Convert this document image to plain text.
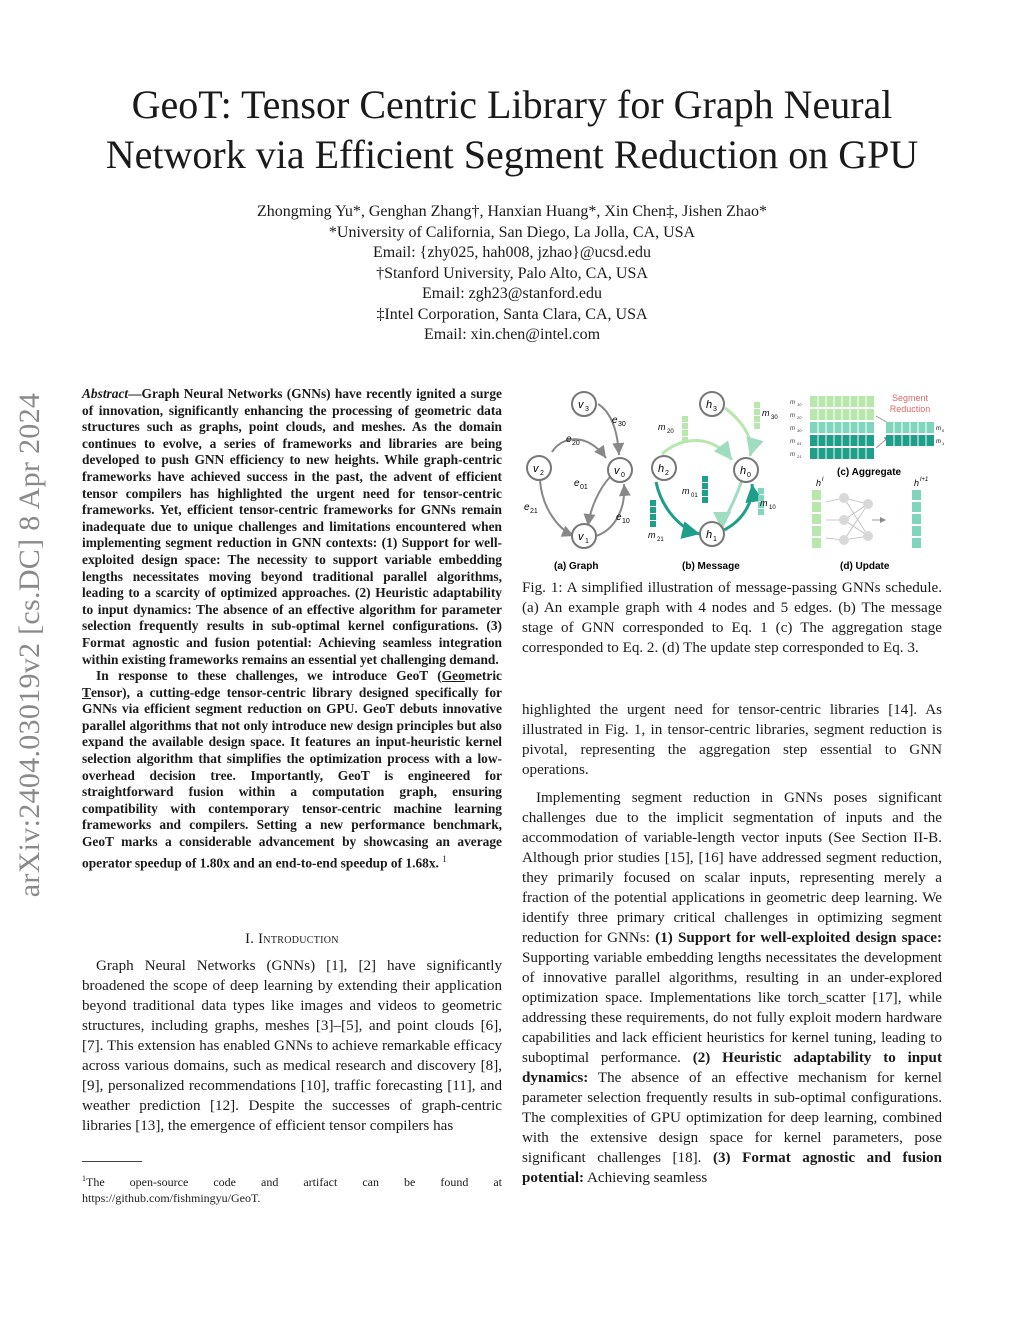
arXiv:2404.03019v2 [cs.DC] 8 Apr 2024
GeoT: Tensor Centric Library for Graph Neural
Network via Efficient Segment Reduction on GPU
Zhongming Yu*, Genghan Zhang†, Hanxian Huang*, Xin Chen‡, Jishen Zhao*
*University of California, San Diego, La Jolla, CA, USA
Email: {zhy025, hah008, jzhao}@ucsd.edu
†Stanford University, Palo Alto, CA, USA
Email: zgh23@stanford.edu
‡Intel Corporation, Santa Clara, CA, USA
Email: xin.chen@intel.com

Abstract—Graph Neural Networks (GNNs) have recently ignited a surge of innovation, significantly enhancing the processing of geometric data structures such as graphs, point clouds, and meshes. As the domain continues to evolve, a series of frameworks and libraries are being developed to push GNN efficiency to new heights. While graph-centric frameworks have achieved success in the past, the advent of efficient tensor compilers has highlighted the urgent need for tensor-centric frameworks. Yet, efficient tensor-centric frameworks for GNNs remain inadequate due to unique challenges and limitations encountered when implementing segment reduction in GNN contexts: (1) Support for well-exploited design space: The necessity to support variable embedding lengths necessitates moving beyond traditional parallel algorithms, leading to a scarcity of optimized approaches. (2) Heuristic adaptability to input dynamics: The absence of an effective algorithm for parameter selection frequently results in sub-optimal kernel configurations. (3) Format agnostic and fusion potential: Achieving seamless integration within existing frameworks remains an essential yet challenging demand.

In response to these challenges, we introduce GeoT (Geometric Tensor), a cutting-edge tensor-centric library designed specifically for GNNs via efficient segment reduction on GPU. GeoT debuts innovative parallel algorithms that not only introduce new design principles but also expand the available design space. It features an input-heuristic kernel selection algorithm that simplifies the optimization process with a low-overhead decision tree. Importantly, GeoT is engineered for straightforward fusion within a computation graph, ensuring compatibility with contemporary tensor-centric machine learning frameworks and compilers. Setting a new performance benchmark, GeoT marks a considerable advancement by showcasing an average operator speedup of 1.80x and an end-to-end speedup of 1.68x. $^1$

I. Introduction

Graph Neural Networks (GNNs) [1], [2] have significantly broadened the scope of deep learning by extending their application beyond traditional data types like images and videos to geometric structures, including graphs, meshes [3]–[5], and point clouds [6], [7]. This extension has enabled GNNs to achieve remarkable efficacy across various domains, such as medical research and discovery [8], [9], personalized recommendations [10], traffic forecasting [11], and weather prediction [12]. Despite the successes of graph-centric libraries [13], the emergence of efficient tensor compilers has

$^1$The open-source code and artifact can be found at https://github.com/fishmingyu/GeoT.
v 3
v 2	v 0
v 1
e 30
e 20
e 01
e 10
e 21
(a) Graph
h 3
h 2	h 0
h 1
m 20
m 30
m 01
m 10
m 21
(b) Message
m 10
m 20
m 30
m 01
m 21
m 0
m 1
Segment
Reduction
(c) Aggregate
h l	h l+1
(d) Update
Fig. 1: A simplified illustration of message-passing GNNs schedule. (a) An example graph with 4 nodes and 5 edges. (b) The message stage of GNN corresponded to Eq. 1 (c) The aggregation stage corresponded to Eq. 2. (d) The update step corresponded to Eq. 3.

highlighted the urgent need for tensor-centric libraries [14]. As illustrated in Fig. 1, in tensor-centric libraries, segment reduction is pivotal, representing the aggregation step essential to GNN operations.

Implementing segment reduction in GNNs poses significant challenges due to the implicit segmentation of inputs and the accommodation of variable-length vector inputs (See Section II-B. Although prior studies [15], [16] have addressed segment reduction, they primarily focused on scalar inputs, representing merely a fraction of the potential applications in geometric deep learning. We identify three primary critical challenges in optimizing segment reduction for GNNs: (1) Support for well-exploited design space: Supporting variable embedding lengths necessitates the development of innovative parallel algorithms, resulting in an under-explored optimization space. Implementations like torch_scatter [17], while addressing these requirements, do not fully exploit modern hardware capabilities and lack efficient heuristics for kernel tuning, leading to suboptimal performance. (2) Heuristic adaptability to input dynamics: The absence of an effective mechanism for kernel parameter selection frequently results in sub-optimal configurations. The complexities of GPU optimization for deep learning, combined with the extensive design space for kernel parameters, pose significant challenges [18]. (3) Format agnostic and fusion potential: Achieving seamless
